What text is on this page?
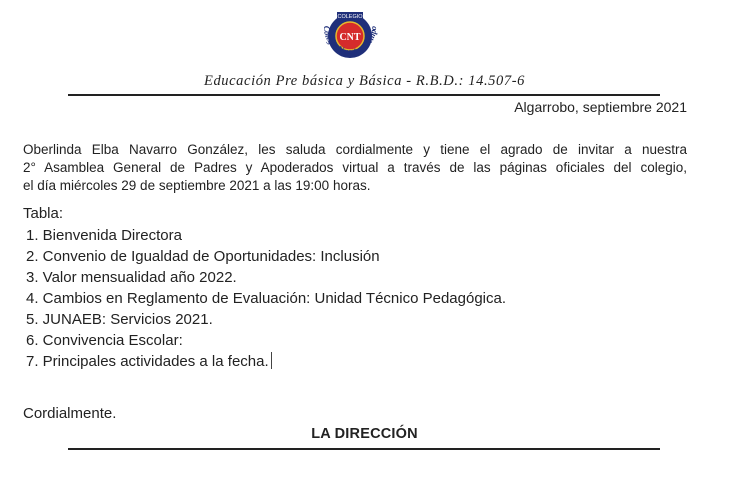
COLEGIO
CNT
Colegio Nuestro Tiempo
Educación Pre básica y Básica - R.B.D.: 14.507-6
Algarrobo, septiembre 2021
Oberlinda Elba Navarro González, les saluda cordialmente y tiene el agrado de invitar a nuestra
2° Asamblea General de Padres y Apoderados virtual a través de las páginas oficiales del colegio,
el día miércoles 29 de septiembre 2021 a las 19:00 horas.
Tabla:
1. Bienvenida Directora
2. Convenio de Igualdad de Oportunidades: Inclusión
3. Valor mensualidad año 2022.
4. Cambios en Reglamento de Evaluación: Unidad Técnico Pedagógica.
5. JUNAEB: Servicios 2021.
6. Convivencia Escolar:
7. Principales actividades a la fecha.
Cordialmente.
LA DIRECCIÓN
